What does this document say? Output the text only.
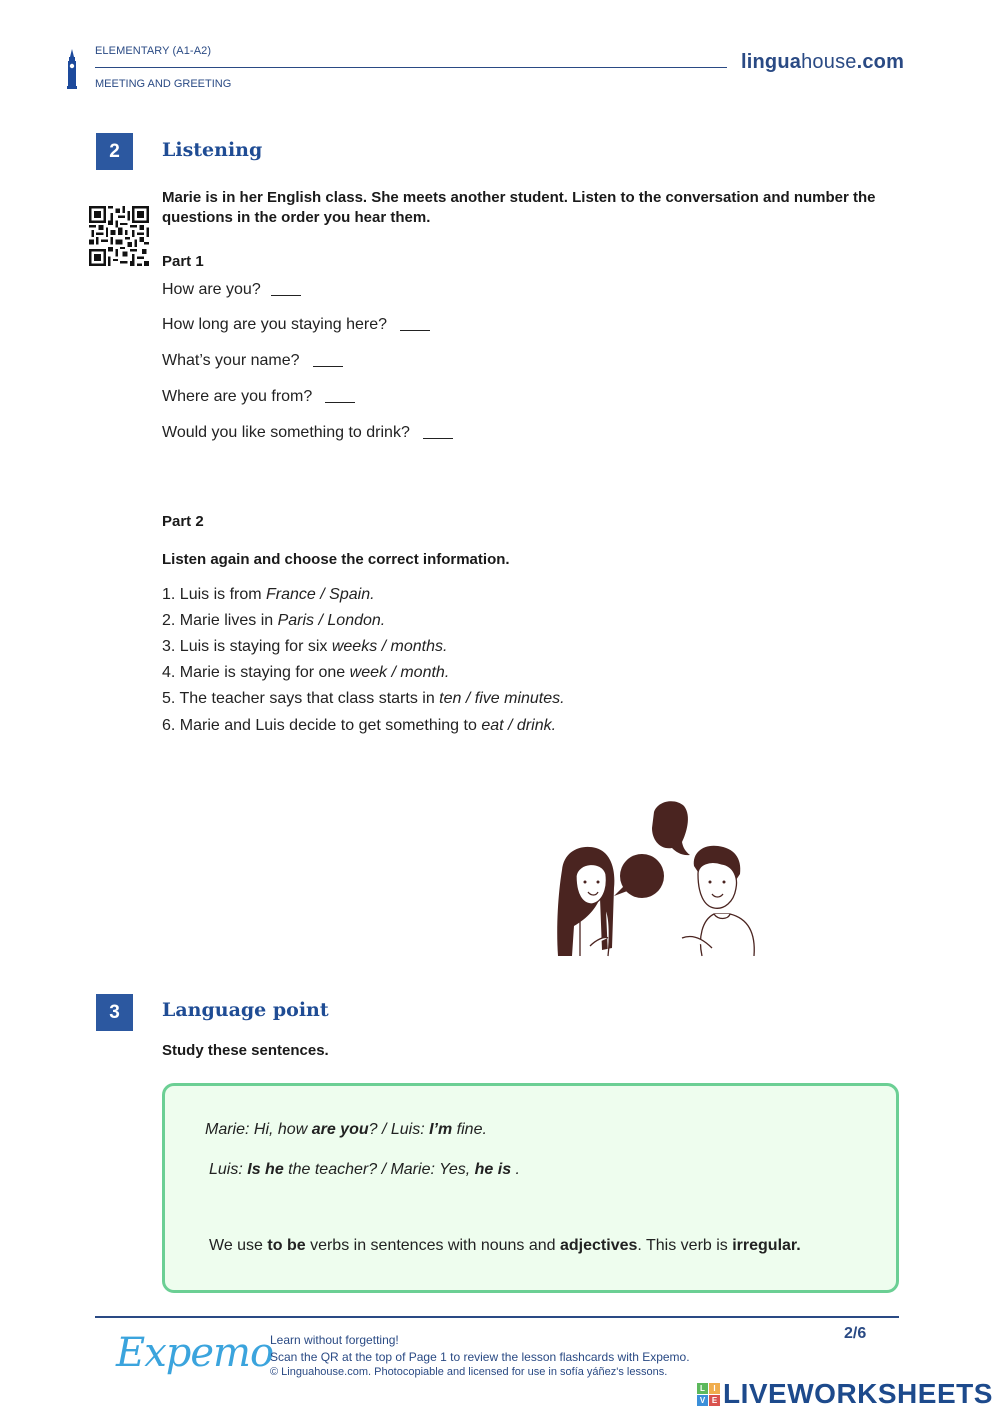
ELEMENTARY (A1-A2)
MEETING AND GREETING
linguahouse.com
2	Listening
Marie is in her English class. She meets another student. Listen to the conversation and number the questions in the order you hear them.
Part 1
How are you?
How long are you staying here?
What’s your name?
Where are you from?
Would you like something to drink?
Part 2
Listen again and choose the correct information.
1. Luis is from France / Spain.
2. Marie lives in Paris / London.
3. Luis is staying for six weeks / months.
4. Marie is staying for one week / month.
5. The teacher says that class starts in ten / five minutes.
6. Marie and Luis decide to get something to eat / drink.
3	Language point
Study these sentences.
Marie: Hi, how are you? / Luis: I’m fine.
Luis: Is he the teacher? / Marie: Yes, he is .
We use to be verbs in sentences with nouns and adjectives. This verb is irregular.
Expemo
Learn without forgetting!
Scan the QR at the top of Page 1 to review the lesson flashcards with Expemo.
© Linguahouse.com. Photocopiable and licensed for use in sofía yáñez's lessons.
2/6
L	I
V E LIVEWORKSHEETS
